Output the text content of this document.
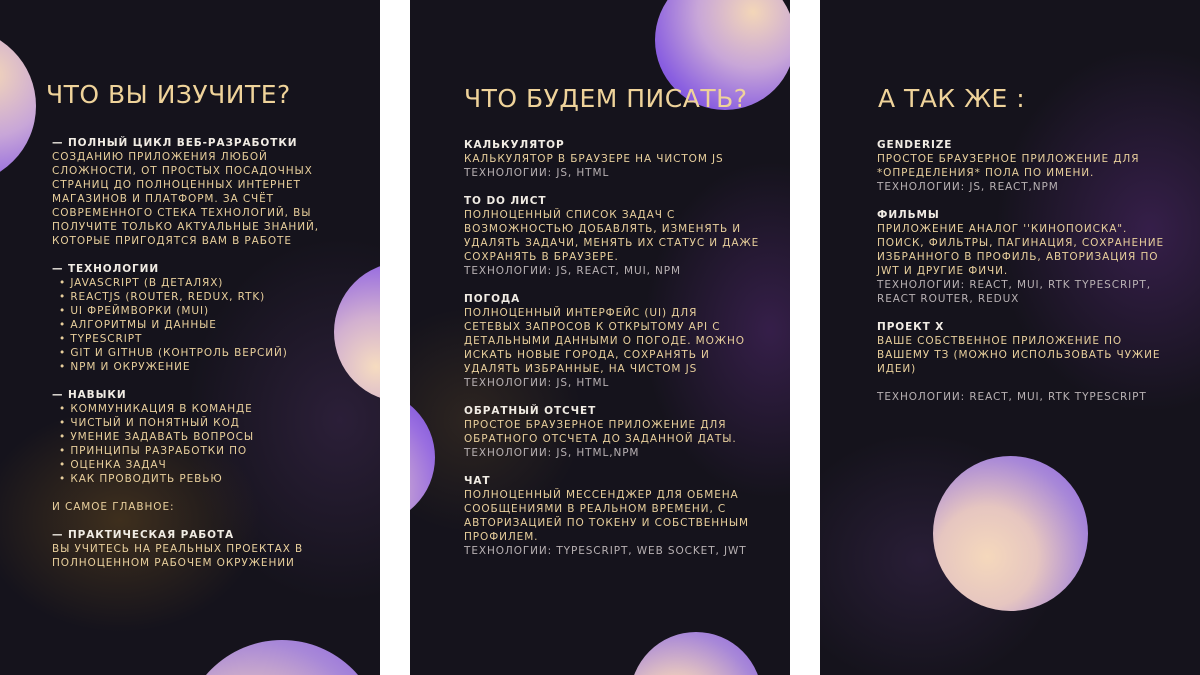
ЧТО ВЫ ИЗУЧИТЕ?
— ПОЛНЫЙ ЦИКЛ ВЕБ-РАЗРАБОТКИ
СОЗДАНИЮ ПРИЛОЖЕНИЯ ЛЮБОЙ
СЛОЖНОСТИ, ОТ ПРОСТЫХ ПОСАДОЧНЫХ
СТРАНИЦ ДО ПОЛНОЦЕННЫХ ИНТЕРНЕТ
МАГАЗИНОВ И ПЛАТФОРМ. ЗА СЧЁТ
СОВРЕМЕННОГО СТЕКА ТЕХНОЛОГИЙ, ВЫ
ПОЛУЧИТЕ ТОЛЬКО АКТУАЛЬНЫЕ ЗНАНИЙ,
КОТОРЫЕ ПРИГОДЯТСЯ ВАМ В РАБОТЕ
— ТЕХНОЛОГИИ
• JAVASCRIPT (В ДЕТАЛЯХ)
• REACTJS (ROUTER, REDUX, RTK)
• UI ФРЕЙМВОРКИ (MUI)
• АЛГОРИТМЫ И ДАННЫЕ
• TYPESCRIPT
• GIT И GITHUB (КОНТРОЛЬ ВЕРСИЙ)
• NPM И ОКРУЖЕНИЕ
— НАВЫКИ
• КОММУНИКАЦИЯ В КОМАНДЕ
• ЧИСТЫЙ И ПОНЯТНЫЙ КОД
• УМЕНИЕ ЗАДАВАТЬ ВОПРОСЫ
• ПРИНЦИПЫ РАЗРАБОТКИ ПО
• ОЦЕНКА ЗАДАЧ
• КАК ПРОВОДИТЬ РЕВЬЮ
И САМОЕ ГЛАВНОЕ:
— ПРАКТИЧЕСКАЯ РАБОТА
ВЫ УЧИТЕСЬ НА РЕАЛЬНЫХ ПРОЕКТАХ В
ПОЛНОЦЕННОМ РАБОЧЕМ ОКРУЖЕНИИ
ЧТО БУДЕМ ПИСАТЬ?
КАЛЬКУЛЯТОР
КАЛЬКУЛЯТОР В БРАУЗЕРЕ НА ЧИСТОМ JS
ТЕХНОЛОГИИ: JS, HTML
TO DO ЛИСТ
ПОЛНОЦЕННЫЙ СПИСОК ЗАДАЧ С
ВОЗМОЖНОСТЬЮ ДОБАВЛЯТЬ, ИЗМЕНЯТЬ И
УДАЛЯТЬ ЗАДАЧИ, МЕНЯТЬ ИХ СТАТУС И ДАЖЕ
СОХРАНЯТЬ В БРАУЗЕРЕ.
ТЕХНОЛОГИИ: JS, REACT, MUI, NPM
ПОГОДА
ПОЛНОЦЕННЫЙ ИНТЕРФЕЙС (UI) ДЛЯ
СЕТЕВЫХ ЗАПРОСОВ К ОТКРЫТОМУ API С
ДЕТАЛЬНЫМИ ДАННЫМИ О ПОГОДЕ. МОЖНО
ИСКАТЬ НОВЫЕ ГОРОДА, СОХРАНЯТЬ И
УДАЛЯТЬ ИЗБРАННЫЕ, НА ЧИСТОМ JS
ТЕХНОЛОГИИ: JS, HTML
ОБРАТНЫЙ ОТСЧЕТ
ПРОСТОЕ БРАУЗЕРНОЕ ПРИЛОЖЕНИЕ ДЛЯ
ОБРАТНОГО ОТСЧЕТА ДО ЗАДАННОЙ ДАТЫ.
ТЕХНОЛОГИИ: JS, HTML,NPM
ЧАТ
ПОЛНОЦЕННЫЙ МЕССЕНДЖЕР ДЛЯ ОБМЕНА
СООБЩЕНИЯМИ В РЕАЛЬНОМ ВРЕМЕНИ, С
АВТОРИЗАЦИЕЙ ПО ТОКЕНУ И СОБСТВЕННЫМ
ПРОФИЛЕМ.
ТЕХНОЛОГИИ: TYPESCRIPT, WEB SOCKET, JWT
А ТАК ЖЕ :
GENDERIZE
ПРОСТОЕ БРАУЗЕРНОЕ ПРИЛОЖЕНИЕ ДЛЯ
*ОПРЕДЕЛЕНИЯ* ПОЛА ПО ИМЕНИ.
ТЕХНОЛОГИИ: JS, REACT,NPM
ФИЛЬМЫ
ПРИЛОЖЕНИЕ АНАЛОГ ''КИНОПОИСКА".
ПОИСК, ФИЛЬТРЫ, ПАГИНАЦИЯ, СОХРАНЕНИЕ
ИЗБРАННОГО В ПРОФИЛЬ, АВТОРИЗАЦИЯ ПО
JWT И ДРУГИЕ ФИЧИ.
ТЕХНОЛОГИИ: REACT, MUI, RTK TYPESCRIPT,
REACT ROUTER, REDUX
ПРОЕКТ Х
ВАШЕ СОБСТВЕННОЕ ПРИЛОЖЕНИЕ ПО
ВАШЕМУ ТЗ (МОЖНО ИСПОЛЬЗОВАТЬ ЧУЖИЕ
ИДЕИ)
ТЕХНОЛОГИИ: REACT, MUI, RTK TYPESCRIPT
